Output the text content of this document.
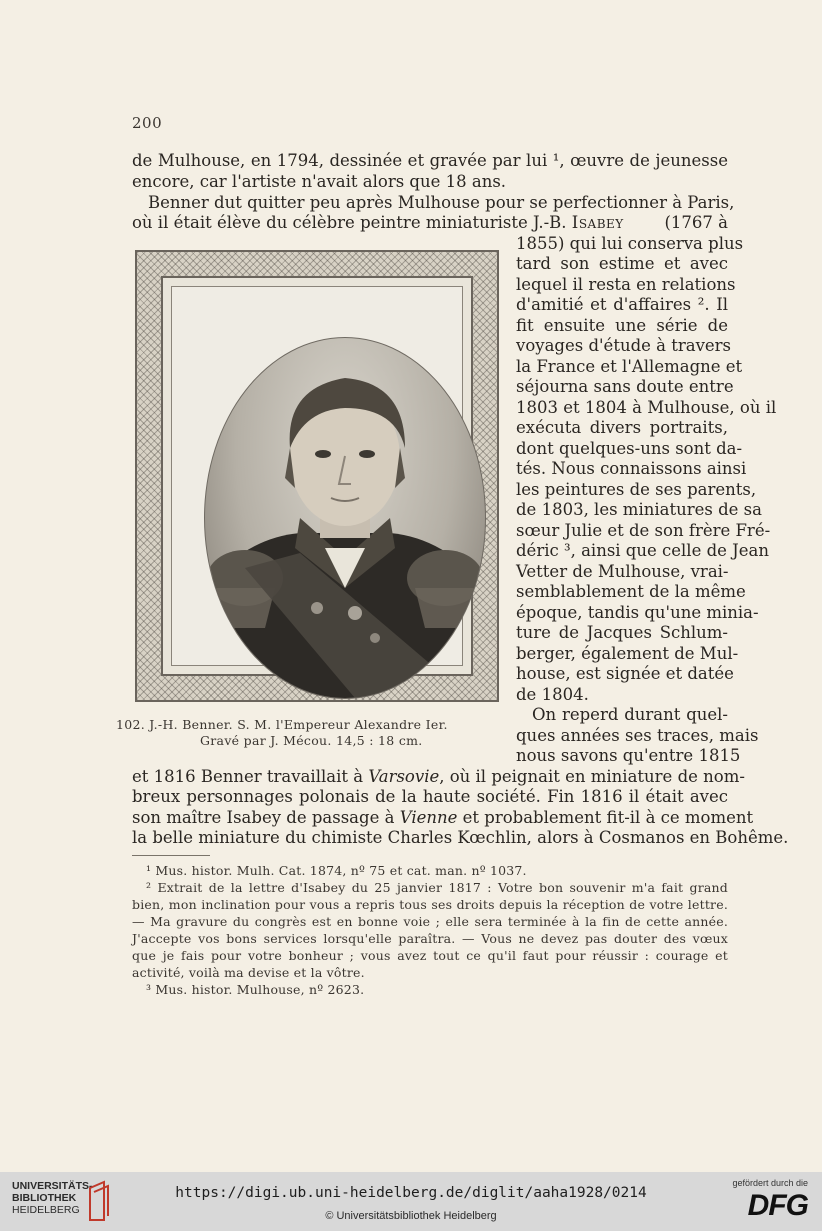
200
de Mulhouse, en 1794, dessinée et gravée par lui ¹, œuvre de jeunesse
encore, car l'artiste n'avait alors que 18 ans.
Benner dut quitter peu après Mulhouse pour se perfectionner à Paris,
où il était élève du célèbre peintre miniaturiste J.-B. Isabey (1767 à
102. J.-H. Benner. S. M. l'Empereur Alexandre Ier.
Gravé par J. Mécou. 14,5 : 18 cm.
1855) qui lui conserva plus
tard son estime et avec
lequel il resta en relations
d'amitié et d'affaires ². Il
fit ensuite une série de
voyages d'étude à travers
la France et l'Allemagne et
séjourna sans doute entre
1803 et 1804 à Mulhouse, où il
exécuta divers portraits,
dont quelques-uns sont da-
tés. Nous connaissons ainsi
les peintures de ses parents,
de 1803, les miniatures de sa
sœur Julie et de son frère Fré-
déric ³, ainsi que celle de Jean
Vetter de Mulhouse, vrai-
semblablement de la même
époque, tandis qu'une minia-
ture de Jacques Schlum-
berger, également de Mul-
house, est signée et datée
de 1804.
On reperd durant quel-
ques années ses traces, mais
nous savons qu'entre 1815
et 1816 Benner travaillait à Varsovie, où il peignait en miniature de nom-
breux personnages polonais de la haute société. Fin 1816 il était avec
son maître Isabey de passage à Vienne et probablement fit-il à ce moment
la belle miniature du chimiste Charles Kœchlin, alors à Cosmanos en Bohême.
¹ Mus. histor. Mulh. Cat. 1874, nº 75 et cat. man. nº 1037.
² Extrait de la lettre d'Isabey du 25 janvier 1817 : Votre bon souvenir m'a fait grand
bien, mon inclination pour vous a repris tous ses droits depuis la réception de votre lettre.
— Ma gravure du congrès est en bonne voie ; elle sera terminée à la fin de cette année.
J'accepte vos bons services lorsqu'elle paraîtra. — Vous ne devez pas douter des vœux
que je fais pour votre bonheur ; vous avez tout ce qu'il faut pour réussir : courage et
activité, voilà ma devise et la vôtre.
³ Mus. histor. Mulhouse, nº 2623.
UNIVERSITÄTS-
BIBLIOTHEK
HEIDELBERG
https://digi.ub.uni-heidelberg.de/diglit/aaha1928/0214
© Universitätsbibliothek Heidelberg
gefördert durch die
DFG
